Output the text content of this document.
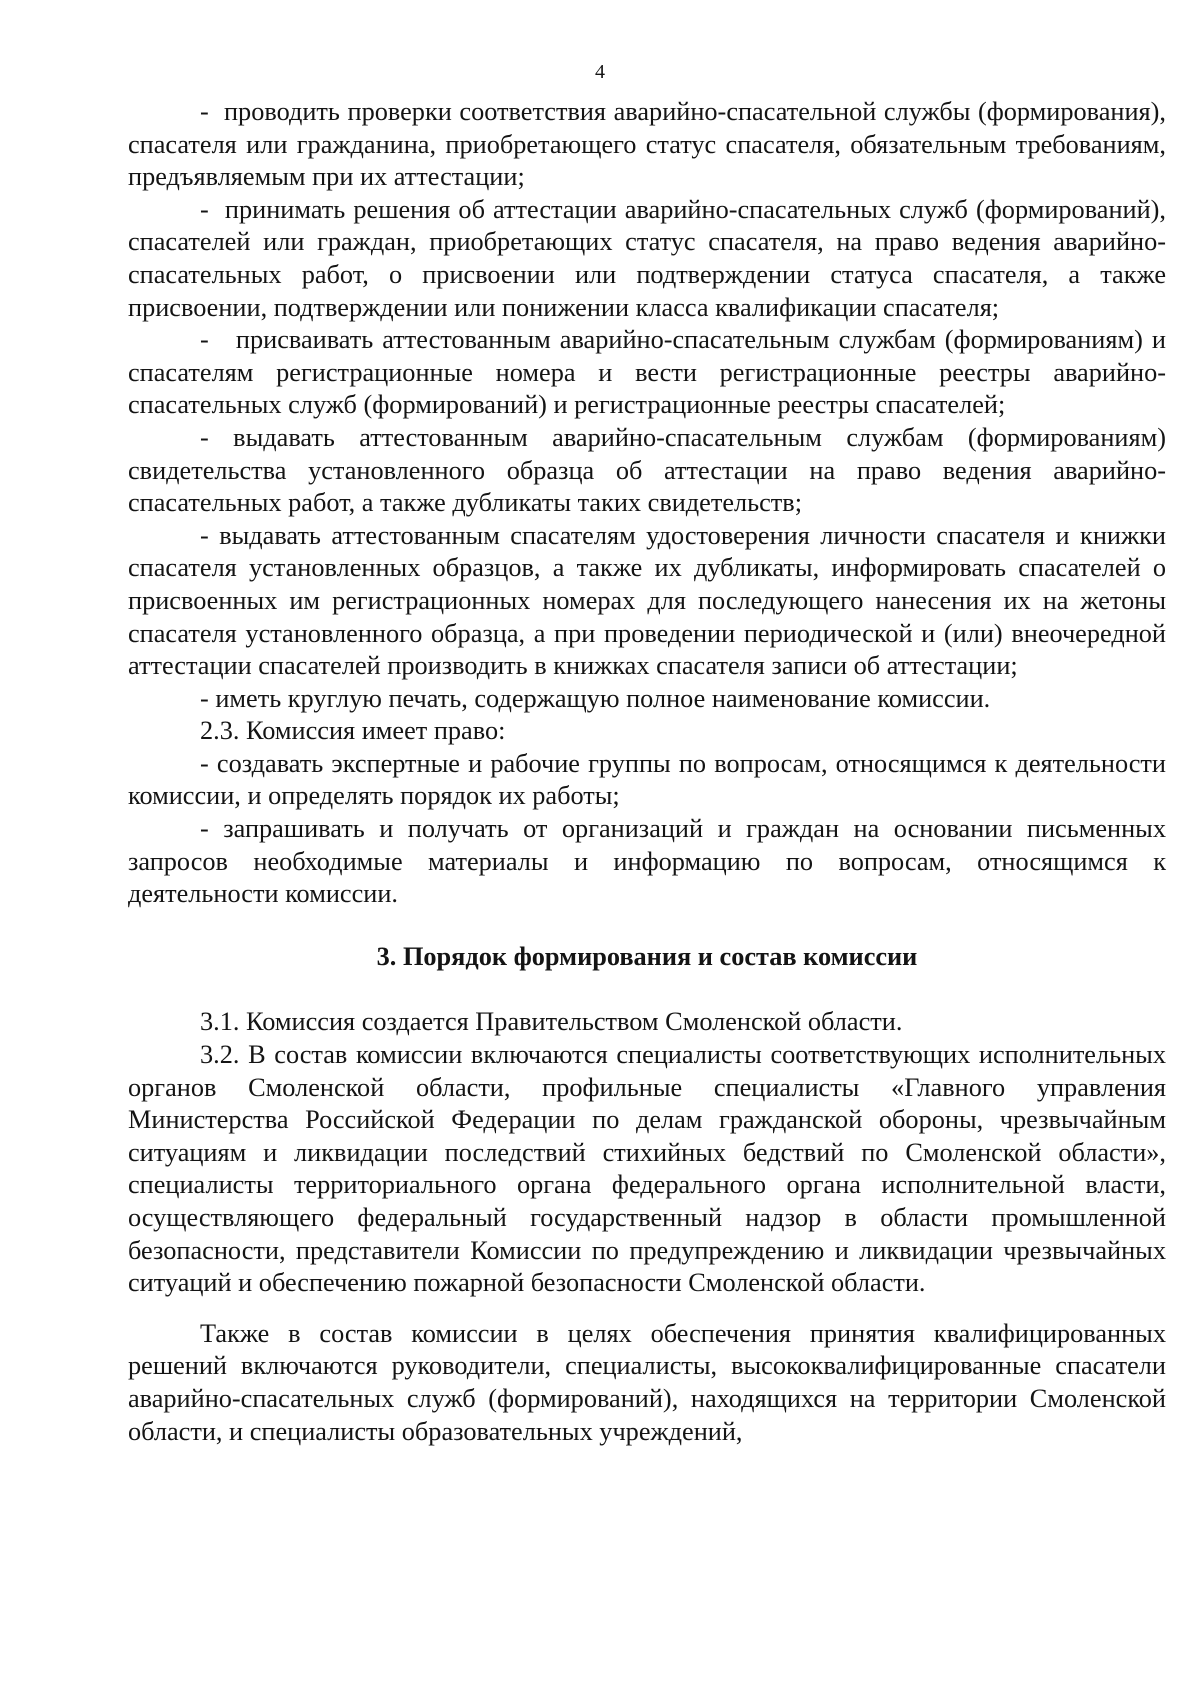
4

-  проводить проверки соответствия аварийно-спасательной службы (формирования), спасателя или гражданина, приобретающего статус спасателя, обязательным требованиям, предъявляемым при их аттестации;

-  принимать решения об аттестации аварийно-спасательных служб (формирований), спасателей или граждан, приобретающих статус спасателя, на право ведения аварийно-спасательных работ, о присвоении или подтверждении статуса спасателя, а также присвоении, подтверждении или понижении класса квалификации спасателя;

-   присваивать аттестованным аварийно-спасательным службам (формированиям) и спасателям регистрационные номера и вести регистрационные реестры аварийно-спасательных служб (формирований) и регистрационные реестры спасателей;

- выдавать аттестованным аварийно-спасательным службам (формированиям) свидетельства установленного образца об аттестации на право ведения аварийно-спасательных работ, а также дубликаты таких свидетельств;

- выдавать аттестованным спасателям удостоверения личности спасателя и книжки спасателя установленных образцов, а также их дубликаты, информировать спасателей о присвоенных им регистрационных номерах для последующего нанесения их на жетоны спасателя установленного образца, а при проведении периодической и (или) внеочередной аттестации спасателей производить в книжках спасателя записи об аттестации;

- иметь круглую печать, содержащую полное наименование комиссии.

2.3. Комиссия имеет право:

- создавать экспертные и рабочие группы по вопросам, относящимся к деятельности комиссии, и определять порядок их работы;

- запрашивать и получать от организаций и граждан на основании письменных запросов необходимые материалы и информацию по вопросам, относящимся к деятельности комиссии.

3. Порядок формирования и состав комиссии

3.1. Комиссия создается Правительством Смоленской области.

3.2. В состав комиссии включаются специалисты соответствующих исполнительных органов Смоленской области, профильные специалисты «Главного управления Министерства Российской Федерации по делам гражданской обороны, чрезвычайным ситуациям и ликвидации последствий стихийных бедствий по Смоленской области», специалисты территориального органа федерального органа исполнительной власти, осуществляющего федеральный государственный надзор в области промышленной безопасности, представители Комиссии по предупреждению и ликвидации чрезвычайных ситуаций и обеспечению пожарной безопасности Смоленской области.

Также в состав комиссии в целях обеспечения принятия квалифицированных решений включаются руководители, специалисты, высококвалифицированные спасатели аварийно-спасательных служб (формирований), находящихся на территории Смоленской области, и специалисты образовательных учреждений,
